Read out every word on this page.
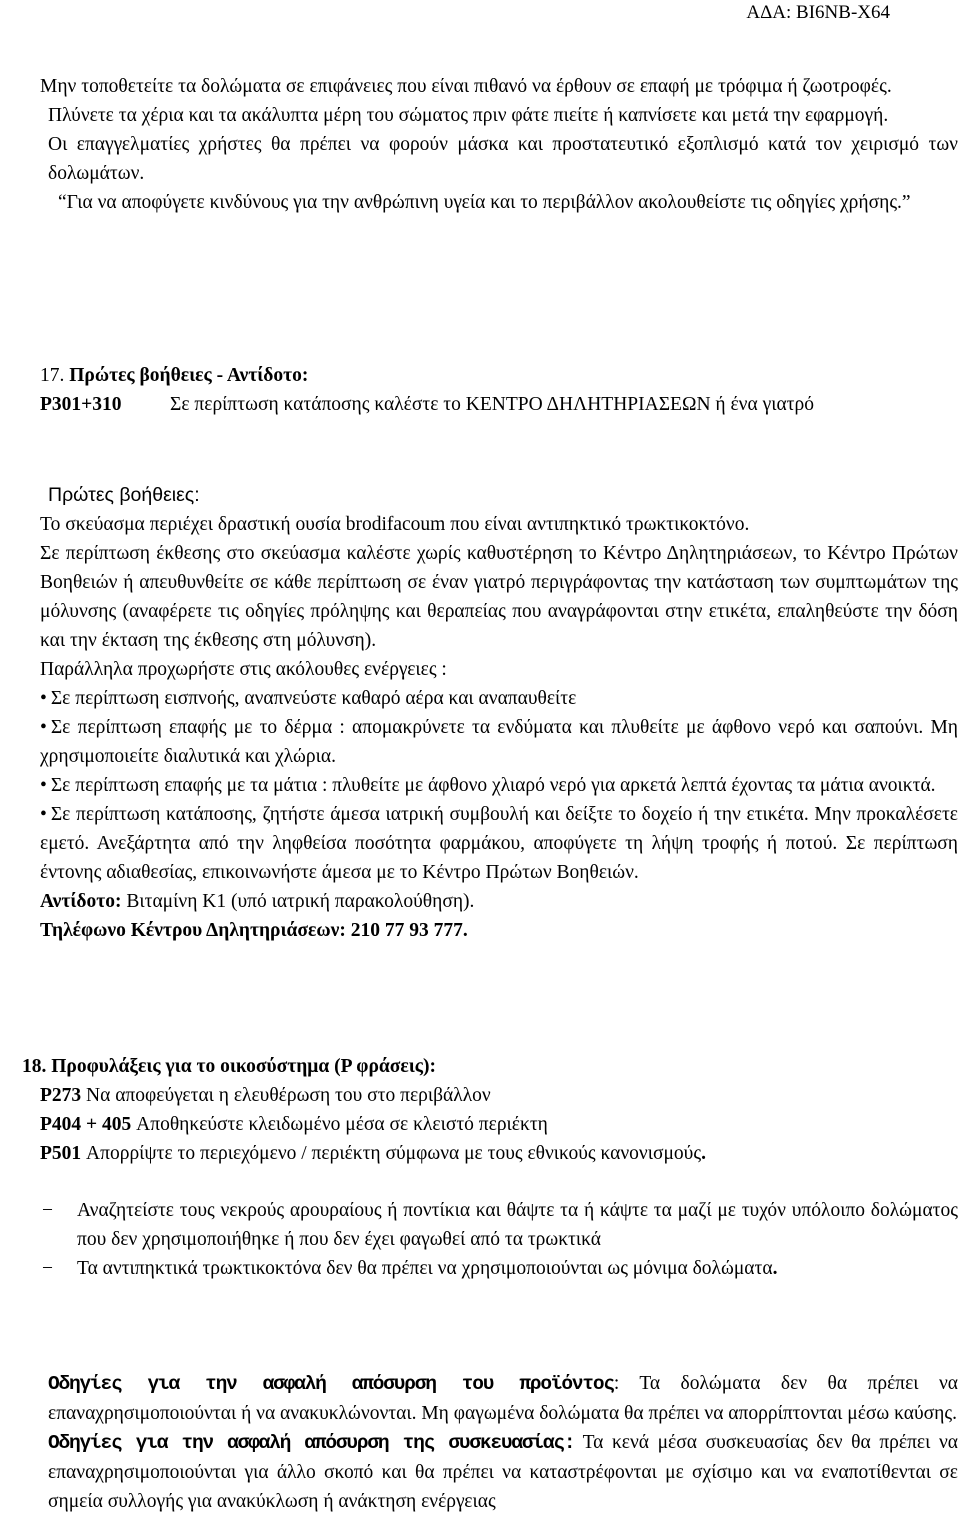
ΑΔΑ: ΒΙ6ΝΒ-Χ64
Μην τοποθετείτε τα δολώματα σε επιφάνειες που είναι πιθανό να έρθουν σε επαφή με τρόφιμα ή ζωοτροφές.
Πλύνετε τα χέρια και τα ακάλυπτα μέρη του σώματος πριν φάτε πιείτε ή καπνίσετε και μετά την εφαρμογή.
Οι επαγγελματίες χρήστες θα πρέπει να φορούν μάσκα και προστατευτικό εξοπλισμό κατά τον χειρισμό των δολωμάτων.
“Για να αποφύγετε κινδύνους για την ανθρώπινη υγεία και το περιβάλλον ακολουθείστε τις οδηγίες χρήσης.”
17. Πρώτες βοήθειες - Αντίδοτο:
P301+310 Σε περίπτωση κατάποσης καλέστε το ΚΕΝΤΡΟ ΔΗΛΗΤΗΡΙΑΣΕΩΝ ή ένα γιατρό
Πρώτες βοήθειες:
Το σκεύασμα περιέχει δραστική ουσία brodifacoum που είναι αντιπηκτικό τρωκτικοκτόνο.
Σε περίπτωση έκθεσης στο σκεύασμα καλέστε χωρίς καθυστέρηση το Κέντρο Δηλητηριάσεων, το Κέντρο Πρώτων Βοηθειών ή απευθυνθείτε σε κάθε περίπτωση σε έναν γιατρό περιγράφοντας την κατάσταση των συμπτωμάτων της μόλυνσης (αναφέρετε τις οδηγίες πρόληψης και θεραπείας που αναγράφονται στην ετικέτα, επαληθεύστε την δόση και την έκταση της έκθεσης στη μόλυνση).
Παράλληλα προχωρήστε στις ακόλουθες ενέργειες :
• Σε περίπτωση εισπνοής, αναπνεύστε καθαρό αέρα και αναπαυθείτε
• Σε περίπτωση επαφής με το δέρμα : απομακρύνετε τα ενδύματα και πλυθείτε με άφθονο νερό και σαπούνι. Μη χρησιμοποιείτε διαλυτικά και χλώρια.
• Σε περίπτωση επαφής με τα μάτια : πλυθείτε με άφθονο χλιαρό νερό για αρκετά λεπτά έχοντας τα μάτια ανοικτά.
• Σε περίπτωση κατάποσης, ζητήστε άμεσα ιατρική συμβουλή και δείξτε το δοχείο ή την ετικέτα. Μην προκαλέσετε εμετό. Ανεξάρτητα από την ληφθείσα ποσότητα φαρμάκου, αποφύγετε τη λήψη τροφής ή ποτού. Σε περίπτωση έντονης αδιαθεσίας, επικοινωνήστε άμεσα με το Κέντρο Πρώτων Βοηθειών.
Αντίδοτο: Βιταμίνη Κ1 (υπό ιατρική παρακολούθηση).
Τηλέφωνο Κέντρου Δηλητηριάσεων: 210 77 93 777.
18. Προφυλάξεις για το οικοσύστημα (Ρ φράσεις):
P273 Να αποφεύγεται η ελευθέρωση του στο περιβάλλον
P404 + 405 Αποθηκεύστε κλειδωμένο μέσα σε κλειστό περιέκτη
P501 Απορρίψτε το περιεχόμενο / περιέκτη σύμφωνα με τους εθνικούς κανονισμούς.
− Αναζητείστε τους νεκρούς αρουραίους ή ποντίκια και θάψτε τα ή κάψτε τα μαζί με τυχόν υπόλοιπο δολώματος που δεν χρησιμοποιήθηκε ή που δεν έχει φαγωθεί από τα τρωκτικά
− Τα αντιπηκτικά τρωκτικοκτόνα δεν θα πρέπει να χρησιμοποιούνται ως μόνιμα δολώματα.
Οδηγίες για την ασφαλή απόσυρση του προϊόντος: Τα δολώματα δεν θα πρέπει να επαναχρησιμοποιούνται ή να ανακυκλώνονται. Μη φαγωμένα δολώματα θα πρέπει να απορρίπτονται μέσω καύσης.
Οδηγίες για την ασφαλή απόσυρση της συσκευασίας: Τα κενά μέσα συσκευασίας δεν θα πρέπει να επαναχρησιμοποιούνται για άλλο σκοπό και θα πρέπει να καταστρέφονται με σχίσιμο και να εναποτίθενται σε σημεία συλλογής για ανακύκλωση ή ανάκτηση ενέργειας
